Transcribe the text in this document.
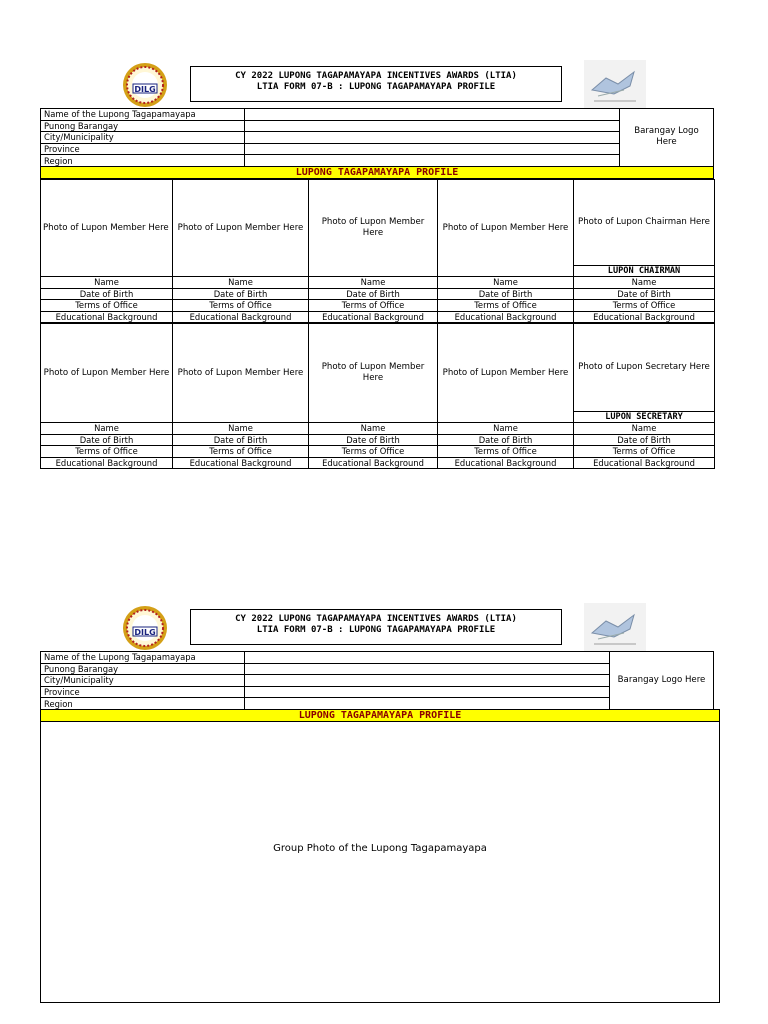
DILG
CY 2022 LUPONG TAGAPAMAYAPA INCENTIVES AWARDS (LTIA)
LTIA FORM 07-B : LUPONG TAGAPAMAYAPA PROFILE
Name of the Lupong Tagapamayapa		Barangay Logo Here
Punong Barangay		
City/Municipality		
Province		
Region		
LUPONG TAGAPAMAYAPA PROFILE
Photo of Lupon Member Here	Photo of Lupon Member Here	Photo of Lupon Member Here	Photo of Lupon Member Here	Photo of Lupon Chairman Here
				LUPON CHAIRMAN
Name	Name	Name	Name	Name
Date of Birth	Date of Birth	Date of Birth	Date of Birth	Date of Birth
Terms of Office	Terms of Office	Terms of Office	Terms of Office	Terms of Office
Educational Background	Educational Background	Educational Background	Educational Background	Educational Background
Photo of Lupon Member Here	Photo of Lupon Member Here	Photo of Lupon Member Here	Photo of Lupon Member Here	Photo of Lupon Secretary Here
				LUPON SECRETARY
Name	Name	Name	Name	Name
Date of Birth	Date of Birth	Date of Birth	Date of Birth	Date of Birth
Terms of Office	Terms of Office	Terms of Office	Terms of Office	Terms of Office
Educational Background	Educational Background	Educational Background	Educational Background	Educational Background
DILG
CY 2022 LUPONG TAGAPAMAYAPA INCENTIVES AWARDS (LTIA)
LTIA FORM 07-B : LUPONG TAGAPAMAYAPA PROFILE
Name of the Lupong Tagapamayapa		Barangay Logo Here
Punong Barangay		
City/Municipality		
Province		
Region		
LUPONG TAGAPAMAYAPA PROFILE
Group Photo of the Lupong Tagapamayapa
